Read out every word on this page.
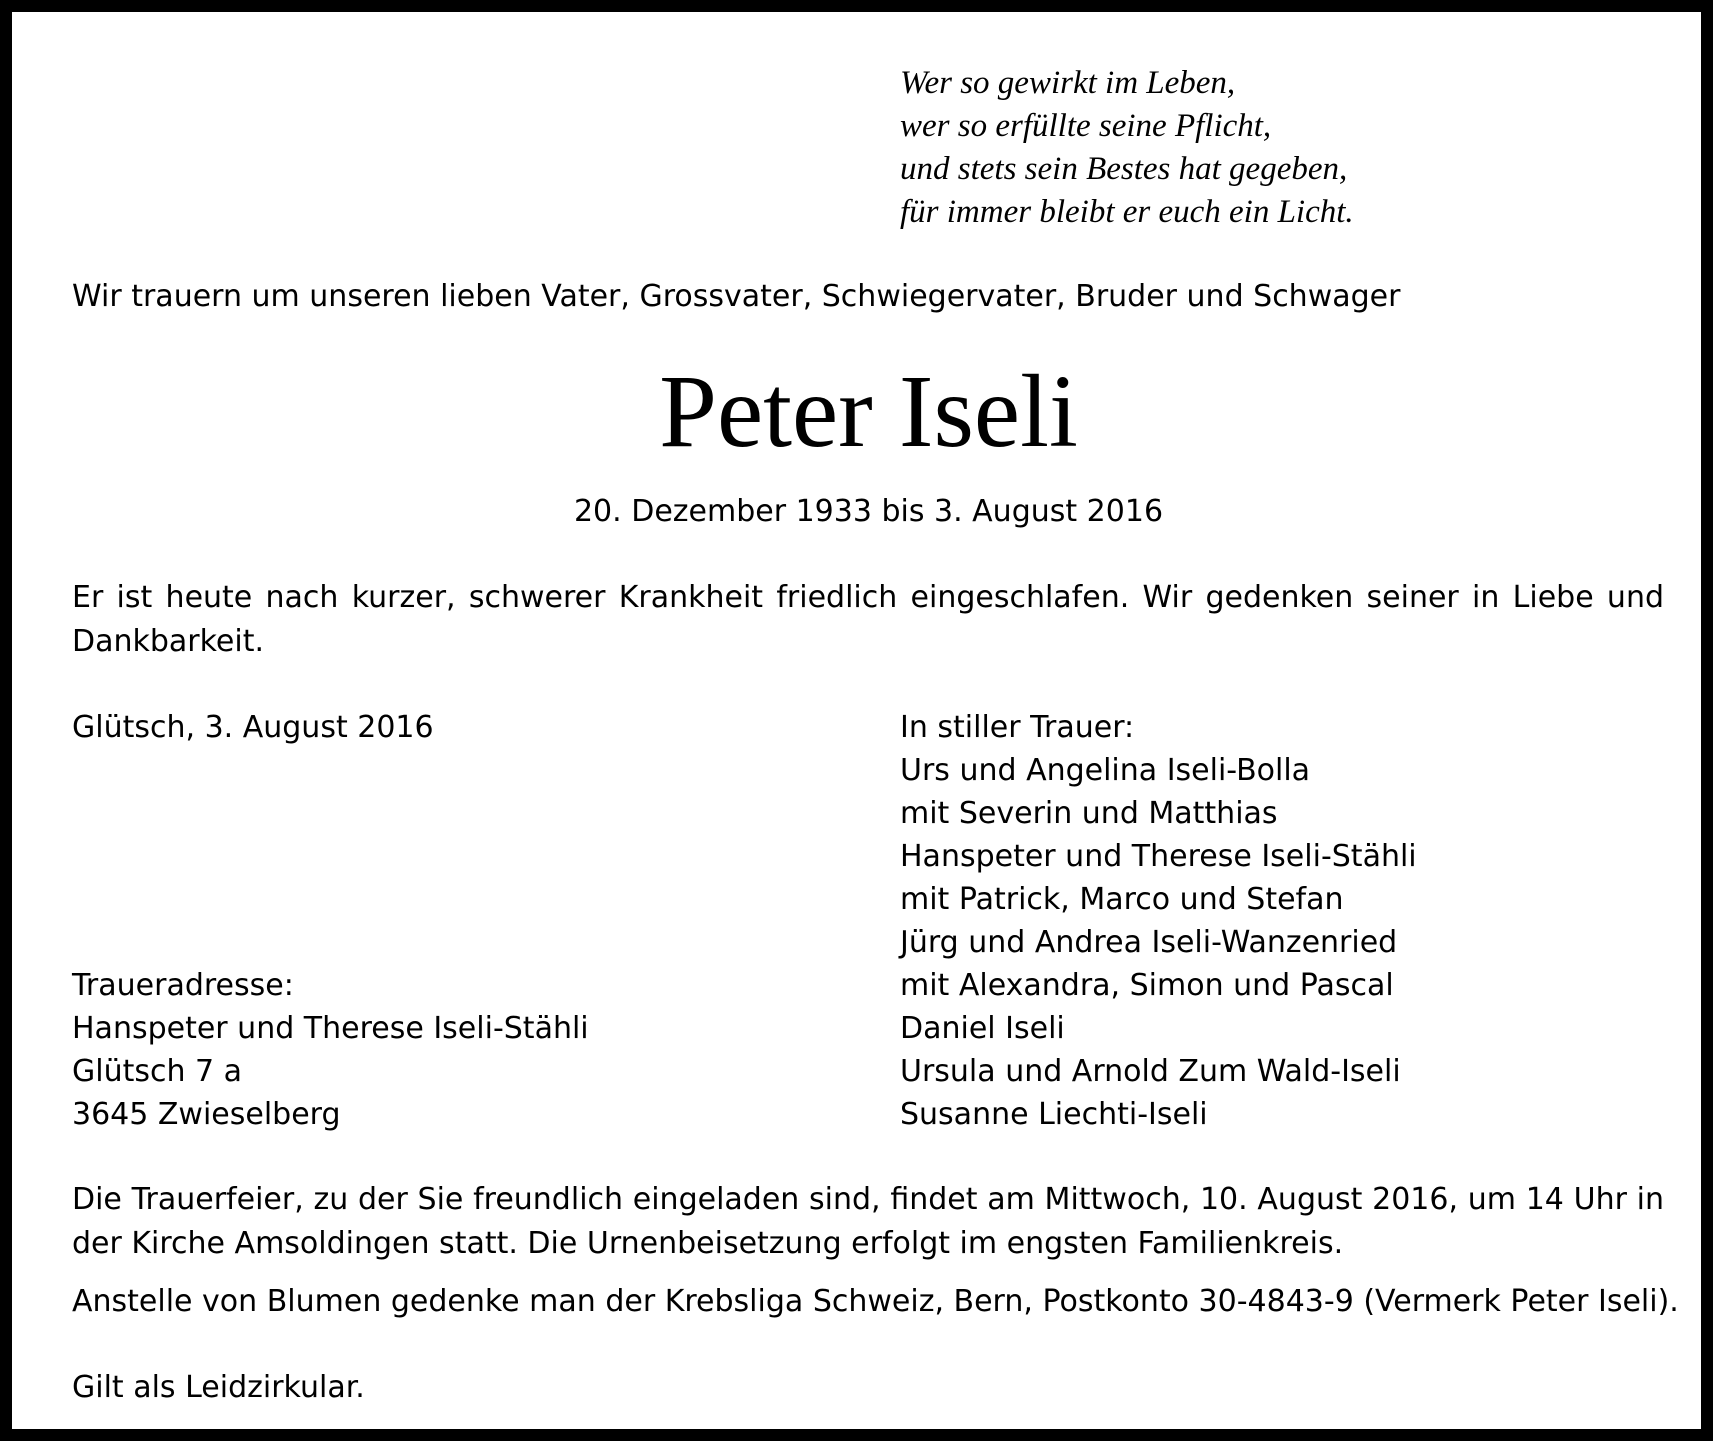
Wer so gewirkt im Leben,
wer so erfüllte seine Pflicht,
und stets sein Bestes hat gegeben,
für immer bleibt er euch ein Licht.
Wir trauern um unseren lieben Vater, Grossvater, Schwiegervater, Bruder und Schwager
Peter Iseli
20. Dezember 1933 bis 3. August 2016
Er ist heute nach kurzer, schwerer Krankheit friedlich eingeschlafen. Wir gedenken seiner in Liebe und Dankbarkeit.
Glütsch, 3. August 2016
Traueradresse:
Hanspeter und Therese Iseli-Stähli
Glütsch 7 a
3645 Zwieselberg
In stiller Trauer:
Urs und Angelina Iseli-Bolla
mit Severin und Matthias
Hanspeter und Therese Iseli-Stähli
mit Patrick, Marco und Stefan
Jürg und Andrea Iseli-Wanzenried
mit Alexandra, Simon und Pascal
Daniel Iseli
Ursula und Arnold Zum Wald-Iseli
Susanne Liechti-Iseli
Die Trauerfeier, zu der Sie freundlich eingeladen sind, findet am Mittwoch, 10. August 2016, um 14 Uhr in der Kirche Amsoldingen statt. Die Urnenbeisetzung erfolgt im engsten Familienkreis.
Anstelle von Blumen gedenke man der Krebsliga Schweiz, Bern, Postkonto 30-4843-9 (Vermerk Peter Iseli).
Gilt als Leidzirkular.
